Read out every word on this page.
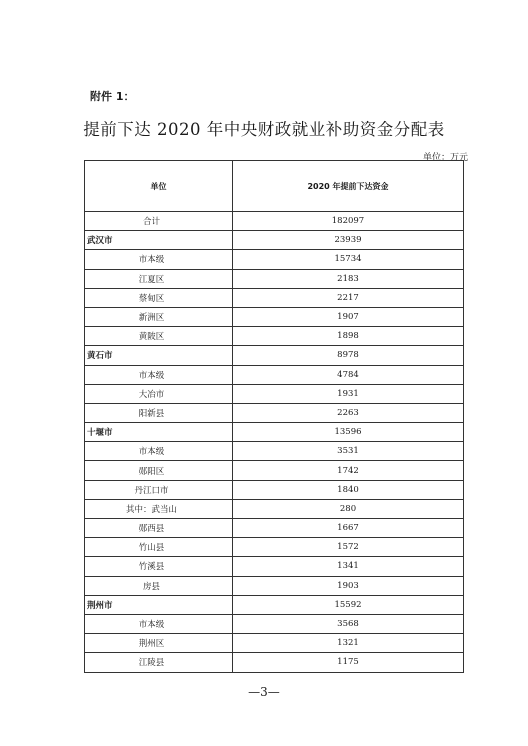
附件 1：
提前下达 2020 年中央财政就业补助资金分配表
单位：万元
单位	2020 年提前下达资金
合计	182097
武汉市	23939
市本级	15734
江夏区	2183
蔡甸区	2217
新洲区	1907
黄陂区	1898
黄石市	8978
市本级	4784
大冶市	1931
阳新县	2263
十堰市	13596
市本级	3531
郧阳区	1742
丹江口市	1840
其中：武当山	280
郧西县	1667
竹山县	1572
竹溪县	1341
房县	1903
荆州市	15592
市本级	3568
荆州区	1321
江陵县	1175
—3—
